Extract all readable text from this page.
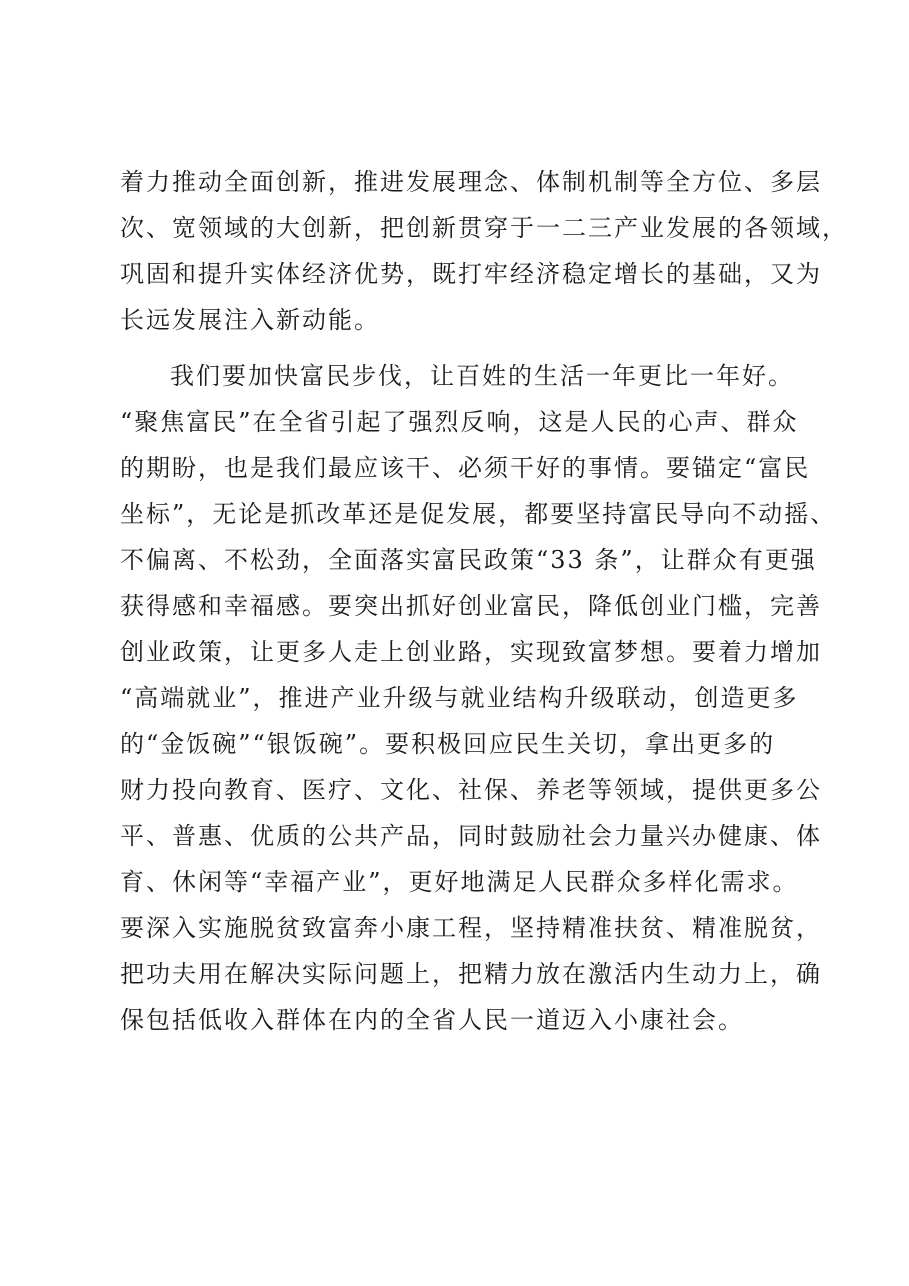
着力推动全面创新，推进发展理念、体制机制等全方位、多层
次、宽领域的大创新，把创新贯穿于一二三产业发展的各领域，
巩固和提升实体经济优势，既打牢经济稳定增长的基础，又为
长远发展注入新动能。
我们要加快富民步伐，让百姓的生活一年更比一年好。
“聚焦富民”在全省引起了强烈反响，这是人民的心声、群众
的期盼，也是我们最应该干、必须干好的事情。要锚定“富民
坐标”，无论是抓改革还是促发展，都要坚持富民导向不动摇、
不偏离、不松劲，全面落实富民政策“33 条”，让群众有更强
获得感和幸福感。要突出抓好创业富民，降低创业门槛，完善
创业政策，让更多人走上创业路，实现致富梦想。要着力增加
“高端就业”，推进产业升级与就业结构升级联动，创造更多
的“金饭碗”“银饭碗”。要积极回应民生关切，拿出更多的
财力投向教育、医疗、文化、社保、养老等领域，提供更多公
平、普惠、优质的公共产品，同时鼓励社会力量兴办健康、体
育、休闲等“幸福产业”，更好地满足人民群众多样化需求。
要深入实施脱贫致富奔小康工程，坚持精准扶贫、精准脱贫，
把功夫用在解决实际问题上，把精力放在激活内生动力上，确
保包括低收入群体在内的全省人民一道迈入小康社会。
